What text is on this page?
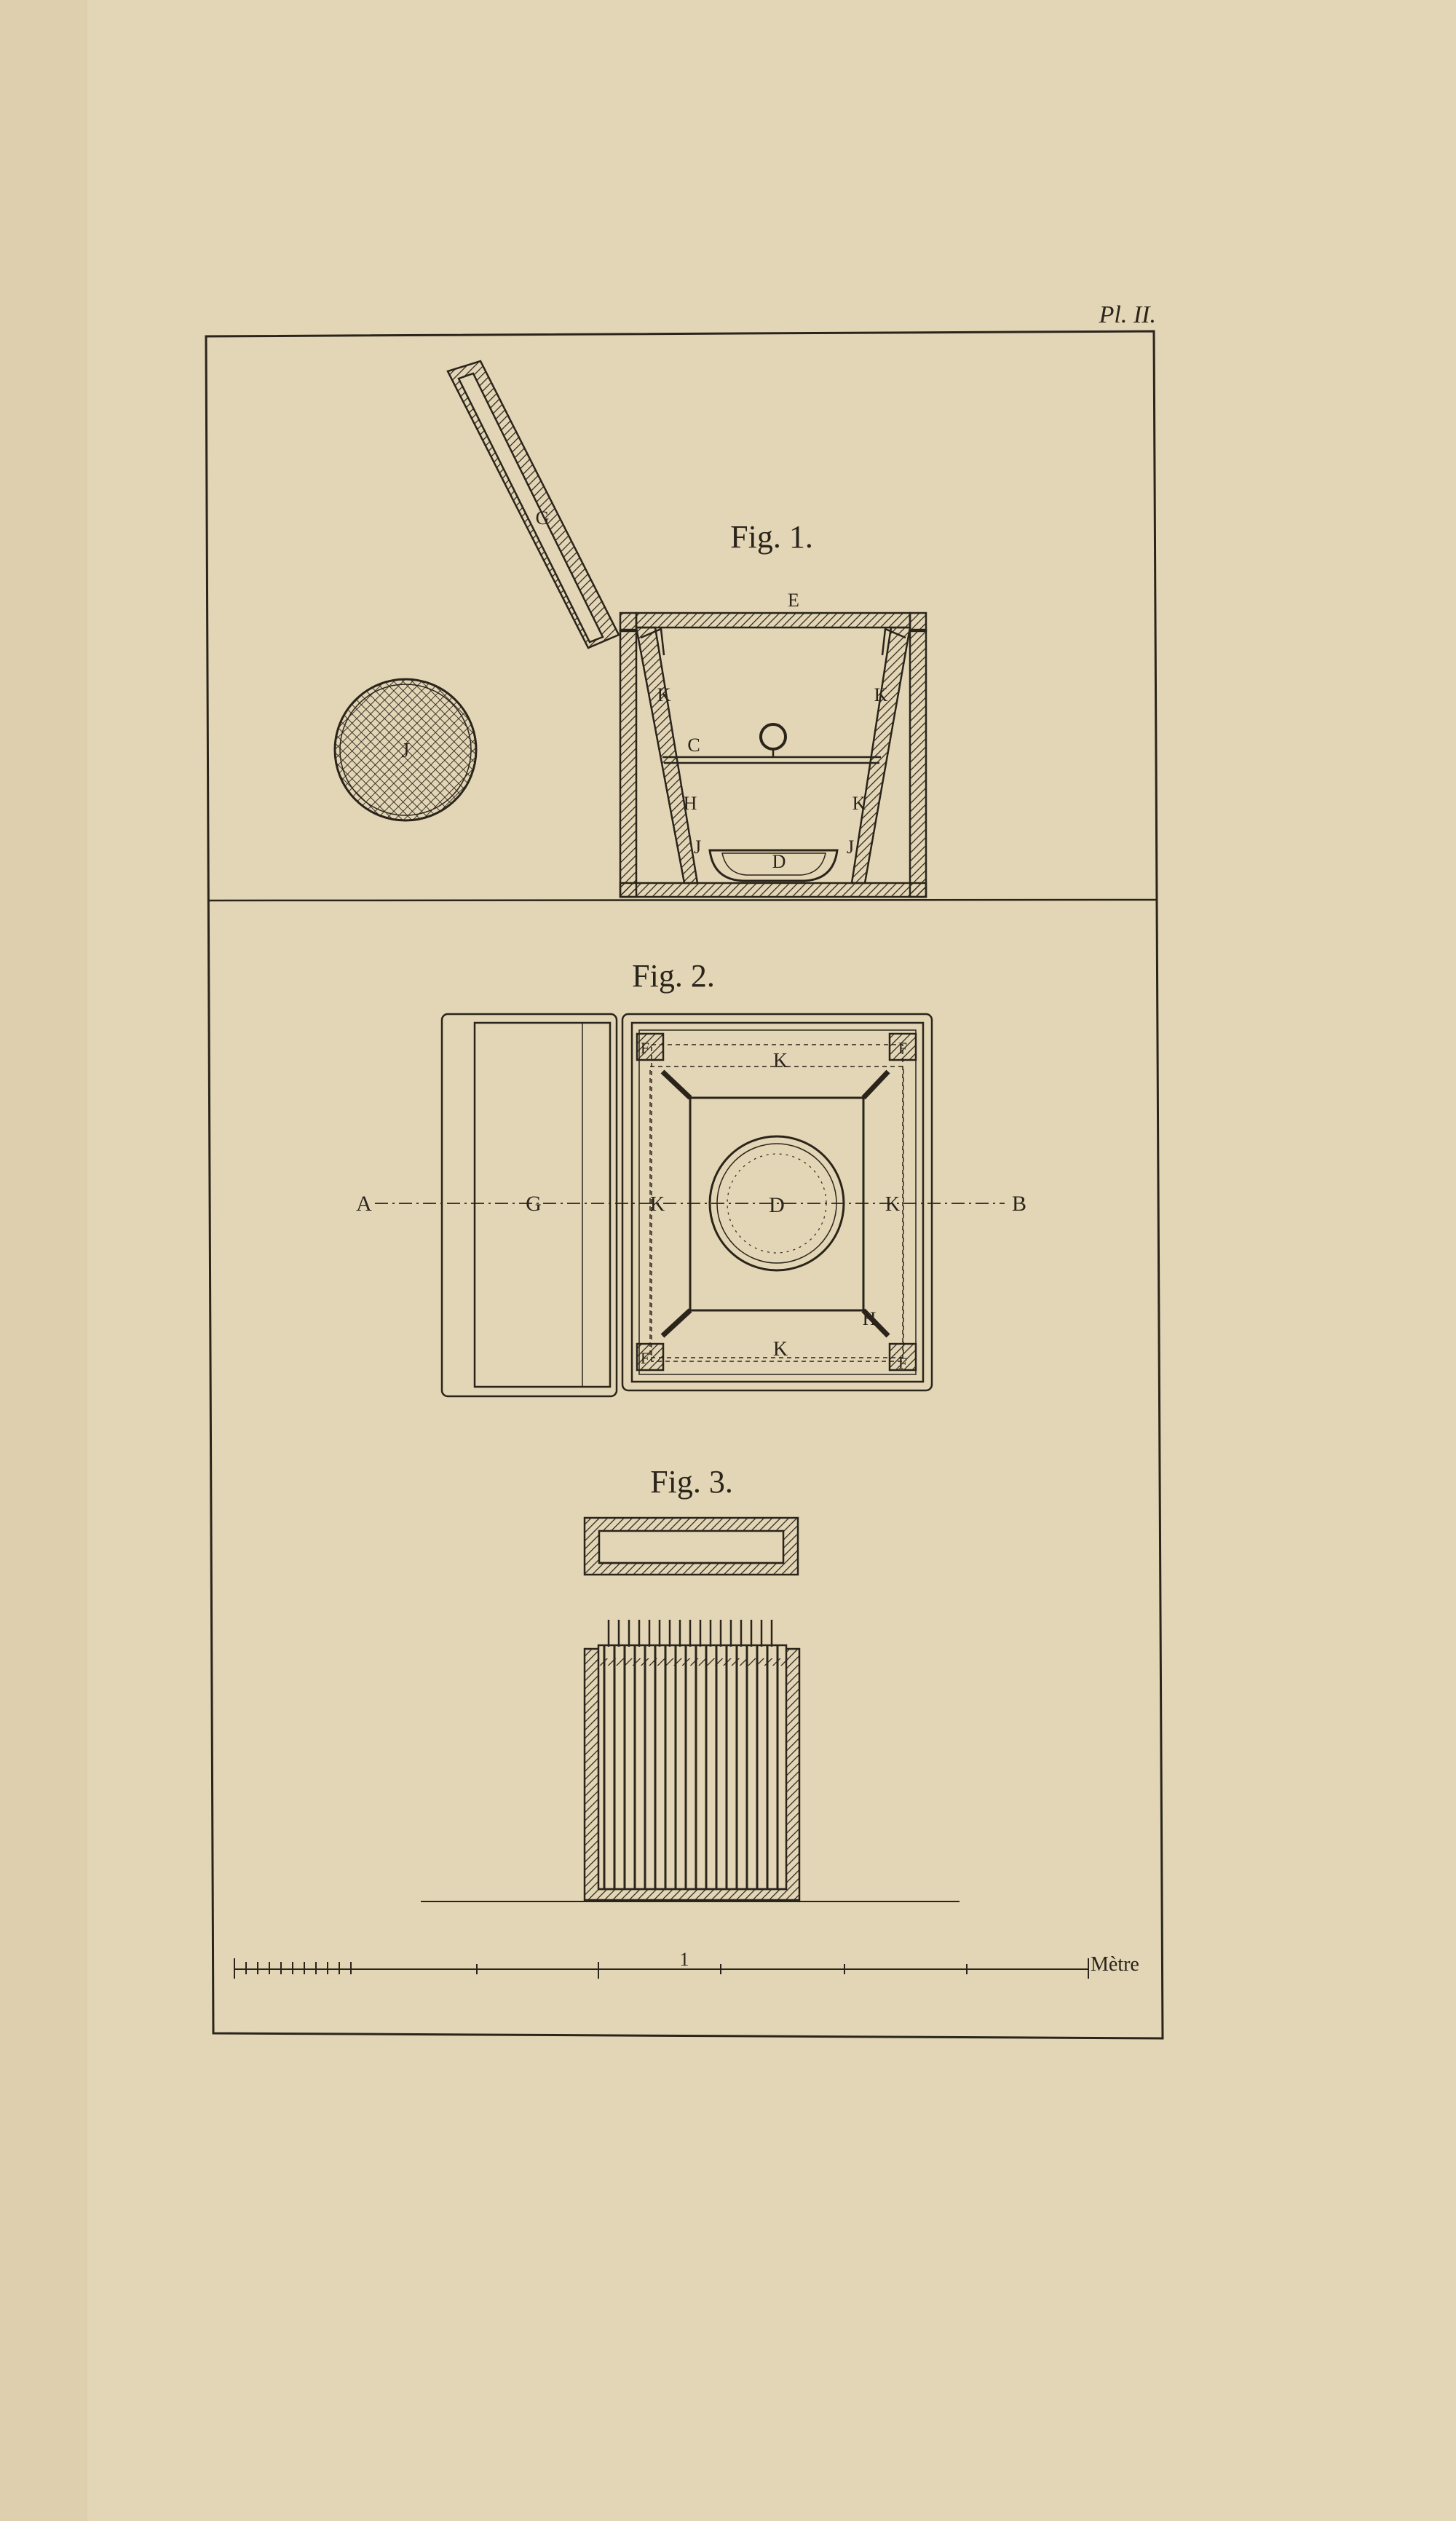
Pl. II.
Fig. 1.
E
G
K	K
C
H	K
J	J
D
J
Fig. 2.
A	B
G	K	K
K
K
D
F	F
F	F
H
Fig. 3.
1	Mètre
